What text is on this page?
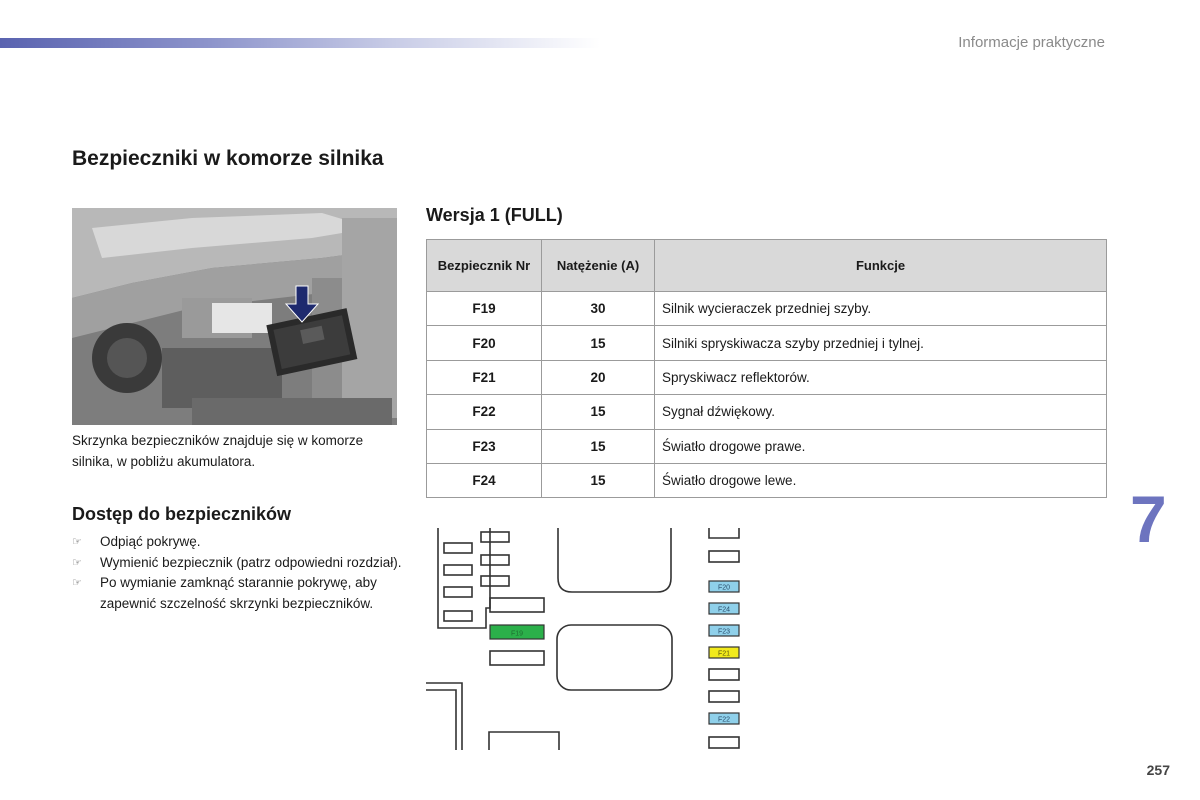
Informacje praktyczne
Bezpieczniki w komorze silnika

Skrzynka bezpieczników znajduje się w komorze silnika, w pobliżu akumulatora.

Dostęp do bezpieczników
☞ Odpiąć pokrywę.
☞ Wymienić bezpiecznik (patrz odpowiedni rozdział).
☞ Po wymianie zamknąć starannie pokrywę, aby zapewnić szczelność skrzynki bezpieczników.
Wersja 1 (FULL)
Bezpiecznik Nr	Natężenie (A)	Funkcje
F19	30	Silnik wycieraczek przedniej szyby.
F20	15	Silniki spryskiwacza szyby przedniej i tylnej.
F21	20	Spryskiwacz reflektorów.
F22	15	Sygnał dźwiękowy.
F23	15	Światło drogowe prawe.
F24	15	Światło drogowe lewe.
7
F19
F20
F24
F23
F21
F22
257
